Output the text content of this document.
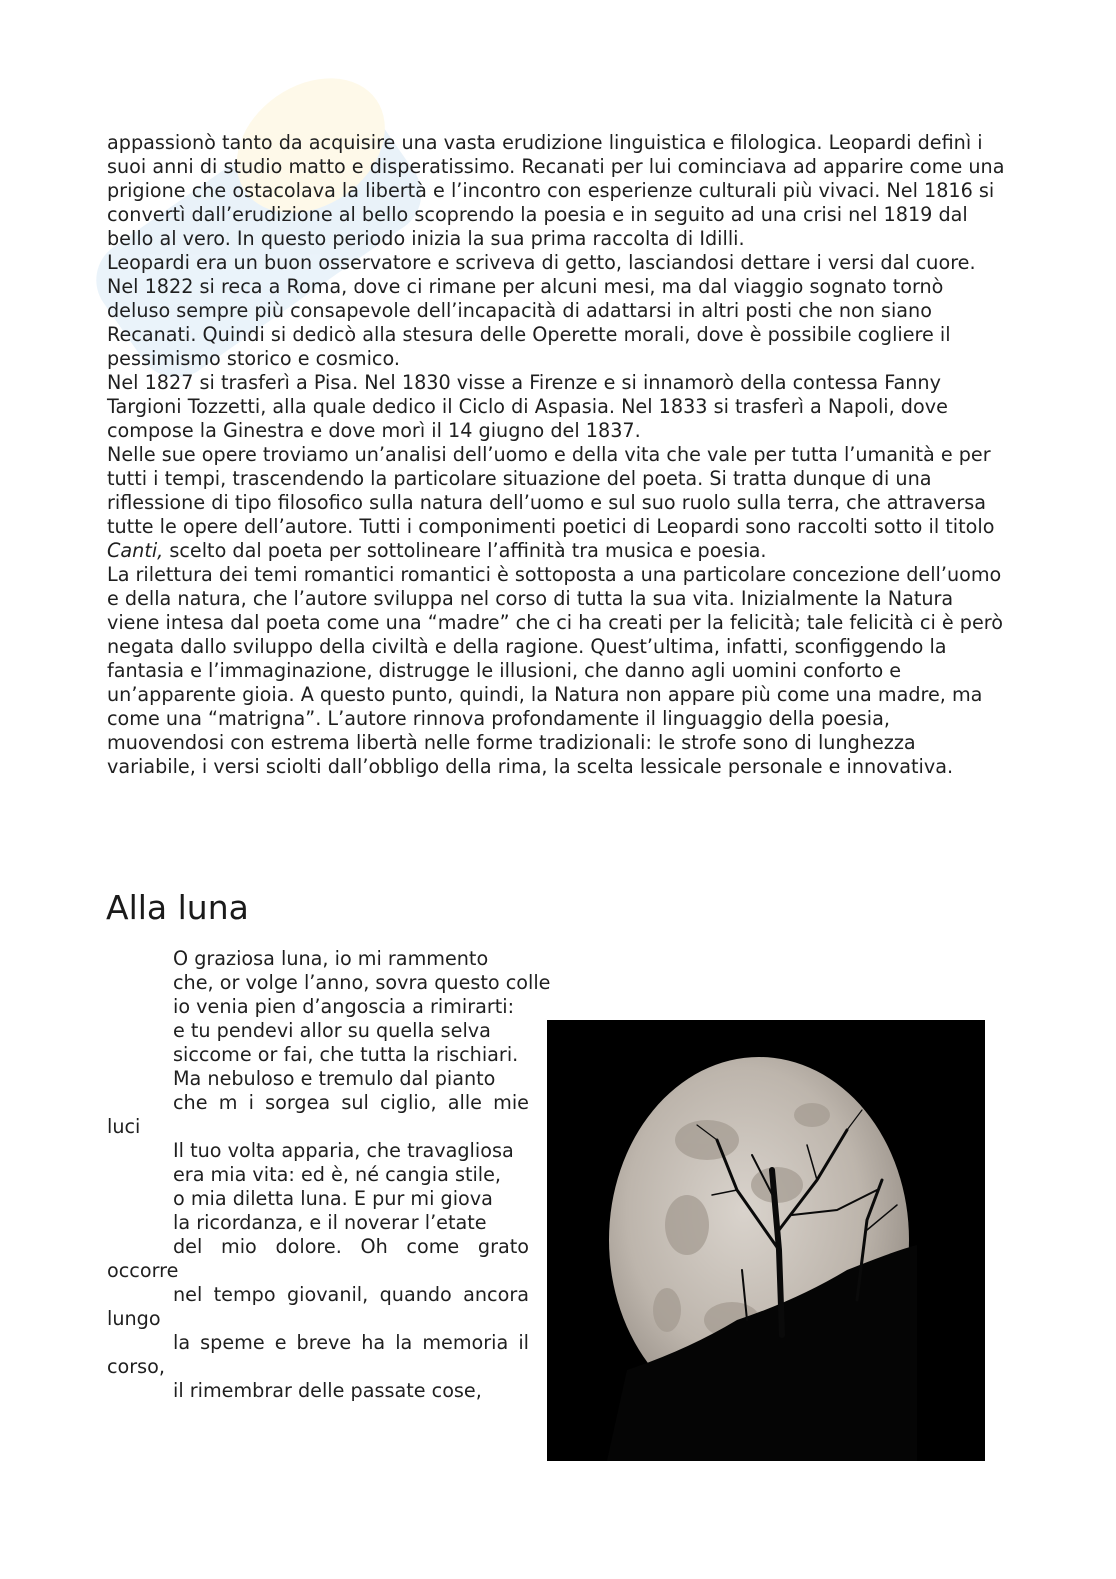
appassionò tanto da acquisire una vasta erudizione linguistica e filologica. Leopardi definì i suoi anni di studio matto e disperatissimo. Recanati per lui cominciava ad apparire come una prigione che ostacolava la libertà e l’incontro con esperienze culturali più vivaci. Nel 1816 si convertì dall’erudizione al bello scoprendo la poesia e in seguito ad una crisi nel 1819 dal bello al vero. In questo periodo inizia la sua prima raccolta di Idilli.

Leopardi era un buon osservatore e scriveva di getto, lasciandosi dettare i versi dal cuore.

Nel 1822 si reca a Roma, dove ci rimane per alcuni mesi, ma dal viaggio sognato tornò deluso sempre più consapevole dell’incapacità di adattarsi in altri posti che non siano Recanati. Quindi si dedicò alla stesura delle Operette morali, dove è possibile cogliere il pessimismo storico e cosmico.

Nel 1827 si trasferì a Pisa. Nel 1830 visse a Firenze e si innamorò della contessa Fanny Targioni Tozzetti, alla quale dedico il Ciclo di Aspasia. Nel 1833 si trasferì a Napoli, dove compose la Ginestra e dove morì il 14 giugno del 1837.

Nelle sue opere troviamo un’analisi dell’uomo e della vita che vale per tutta l’umanità e per tutti i tempi, trascendendo la particolare situazione del poeta. Si tratta dunque di una riflessione di tipo filosofico sulla natura dell’uomo e sul suo ruolo sulla terra, che attraversa tutte le opere dell’autore. Tutti i componimenti poetici di Leopardi sono raccolti sotto il titolo Canti, scelto dal poeta per sottolineare l’affinità tra musica e poesia.

La rilettura dei temi romantici romantici è sottoposta a una particolare concezione dell’uomo e della natura, che l’autore sviluppa nel corso di tutta la sua vita. Inizialmente la Natura viene intesa dal poeta come una “madre” che ci ha creati per la felicità; tale felicità ci è però negata dallo sviluppo della civiltà e della ragione. Quest’ultima, infatti, sconfiggendo la fantasia e l’immaginazione, distrugge le illusioni, che danno agli uomini conforto e un’apparente gioia. A questo punto, quindi, la Natura non appare più come una madre, ma come una “matrigna”. L’autore rinnova profondamente il linguaggio della poesia, muovendosi con estrema libertà nelle forme tradizionali: le strofe sono di lunghezza variabile, i versi sciolti dall’obbligo della rima, la scelta lessicale personale e innovativa.

Alla luna
O graziosa luna, io mi rammento
che, or volge l’anno, sovra questo colle
io venia pien d’angoscia a rimirarti:
e tu pendevi allor su quella selva
siccome or fai, che tutta la rischiari.
Ma nebuloso e tremulo dal pianto
che m i sorgea sul ciglio, alle mie luci
Il tuo volta apparia, che travagliosa
era mia vita: ed è, né cangia stile,
o mia diletta luna. E pur mi giova
la ricordanza, e il noverar l’etate
del mio dolore. Oh come grato occorre
nel tempo giovanil, quando ancora lungo
la speme e breve ha la memoria il corso,
il rimembrar delle passate cose,
